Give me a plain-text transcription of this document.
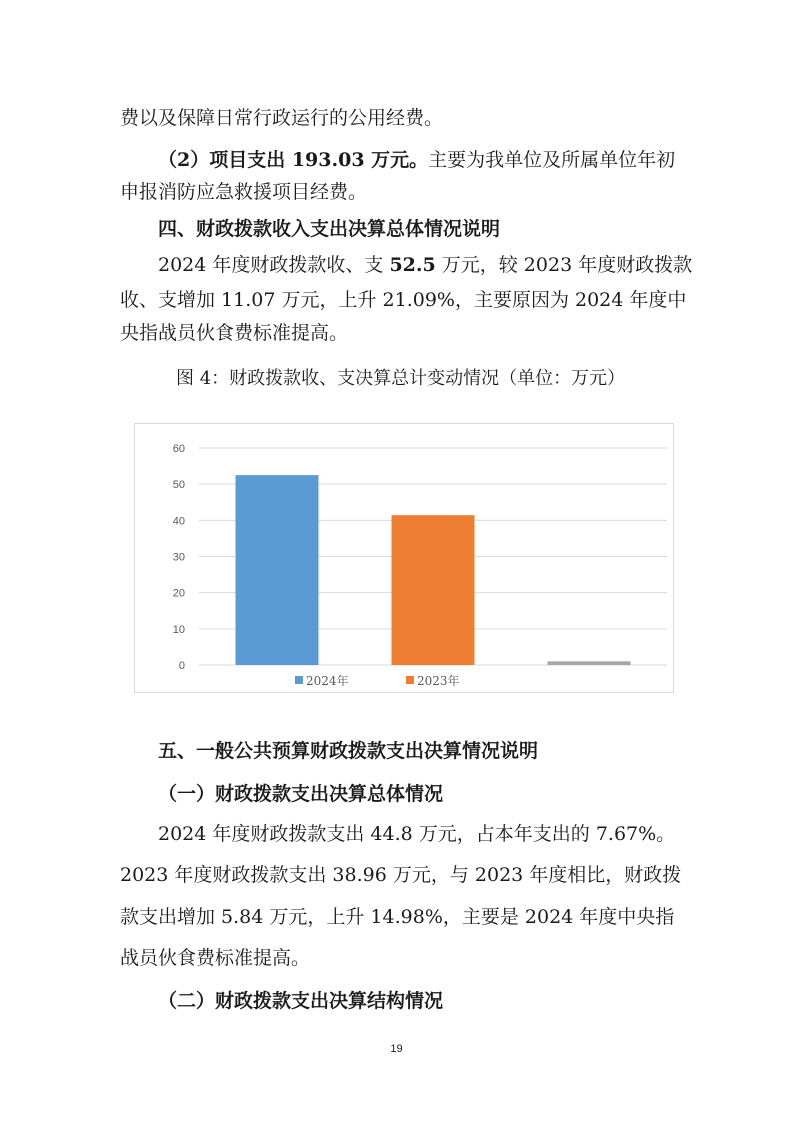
费以及保障日常行政运行的公用经费。
（2）项目支出 193.03 万元。主要为我单位及所属单位年初
申报消防应急救援项目经费。
四、财政拨款收入支出决算总体情况说明
2024 年度财政拨款收、支 52.5 万元，较 2023 年度财政拨款
收、支增加 11.07 万元，上升 21.09%，主要原因为 2024 年度中
央指战员伙食费标准提高。
图 4：财政拨款收、支决算总计变动情况（单位：万元）
0
10
20
30
40
50
60
2024年	2023年
五、一般公共预算财政拨款支出决算情况说明
（一）财政拨款支出决算总体情况
2024 年度财政拨款支出 44.8 万元，占本年支出的 7.67%。
2023 年度财政拨款支出 38.96 万元，与 2023 年度相比，财政拨
款支出增加 5.84 万元，上升 14.98%，主要是 2024 年度中央指
战员伙食费标准提高。
（二）财政拨款支出决算结构情况
19
